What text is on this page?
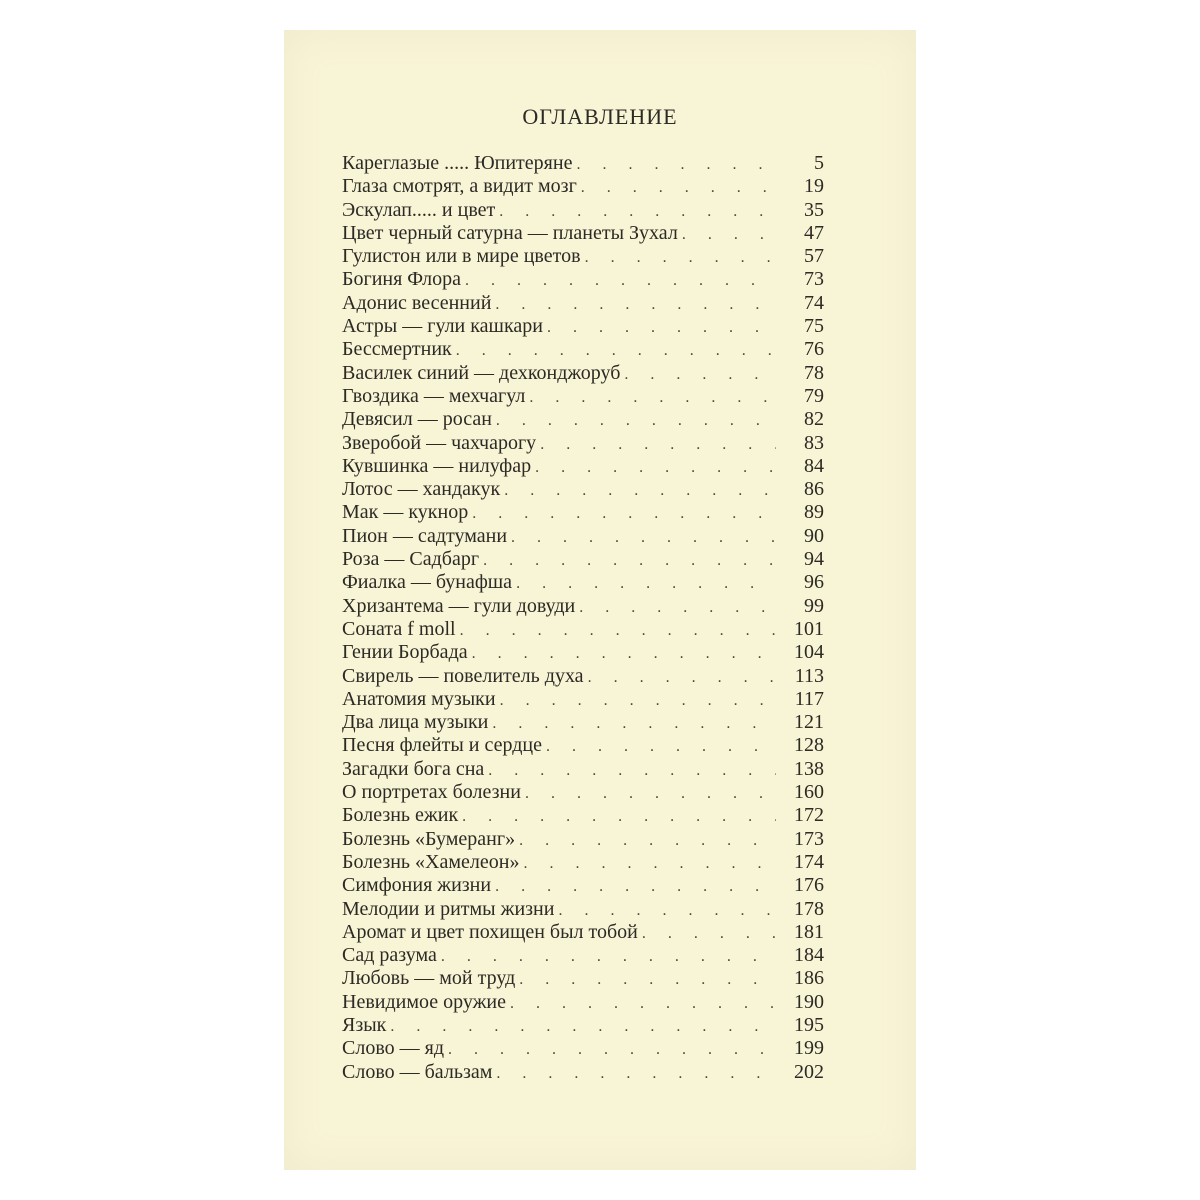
ОГЛАВЛЕНИЕ
Кареглазые ..... Юпитеряне . . .	5
Глаза смотрят, а видит мозг . . .	19
Эскулап..... и цвет . . .	35
Цвет черный сатурна — планеты Зухал . . .	47
Гулистон или в мире цветов . . .	57
Богиня Флора . . .	73
Адонис весенний . . .	74
Астры — гули кашкари . . .	75
Бессмертник . . .	76
Василек синий — дехконджоруб . . .	78
Гвоздика — мехчагул . . .	79
Девясил — росан . . .	82
Зверобой — чахчарогу . . .	83
Кувшинка — нилуфар . . .	84
Лотос — хандакук . . .	86
Мак — кукнор . . .	89
Пион — садтумани . . .	90
Роза — Садбарг . . .	94
Фиалка — бунафша . . .	96
Хризантема — гули довуди . . .	99
Соната f moll . . .	101
Гении Борбада . . .	104
Свирель — повелитель духа . . .	113
Анатомия музыки . . .	117
Два лица музыки . . .	121
Песня флейты и сердце . . .	128
Загадки бога сна . . .	138
О портретах болезни . . .	160
Болезнь ежик . . .	172
Болезнь «Бумеранг» . . .	173
Болезнь «Хамелеон» . . .	174
Симфония жизни . . .	176
Мелодии и ритмы жизни . . .	178
Аромат и цвет похищен был тобой . . .	181
Сад разума . . .	184
Любовь — мой труд . . .	186
Невидимое оружие . . .	190
Язык . . .	195
Слово — яд . . .	199
Слово — бальзам . . .	202
